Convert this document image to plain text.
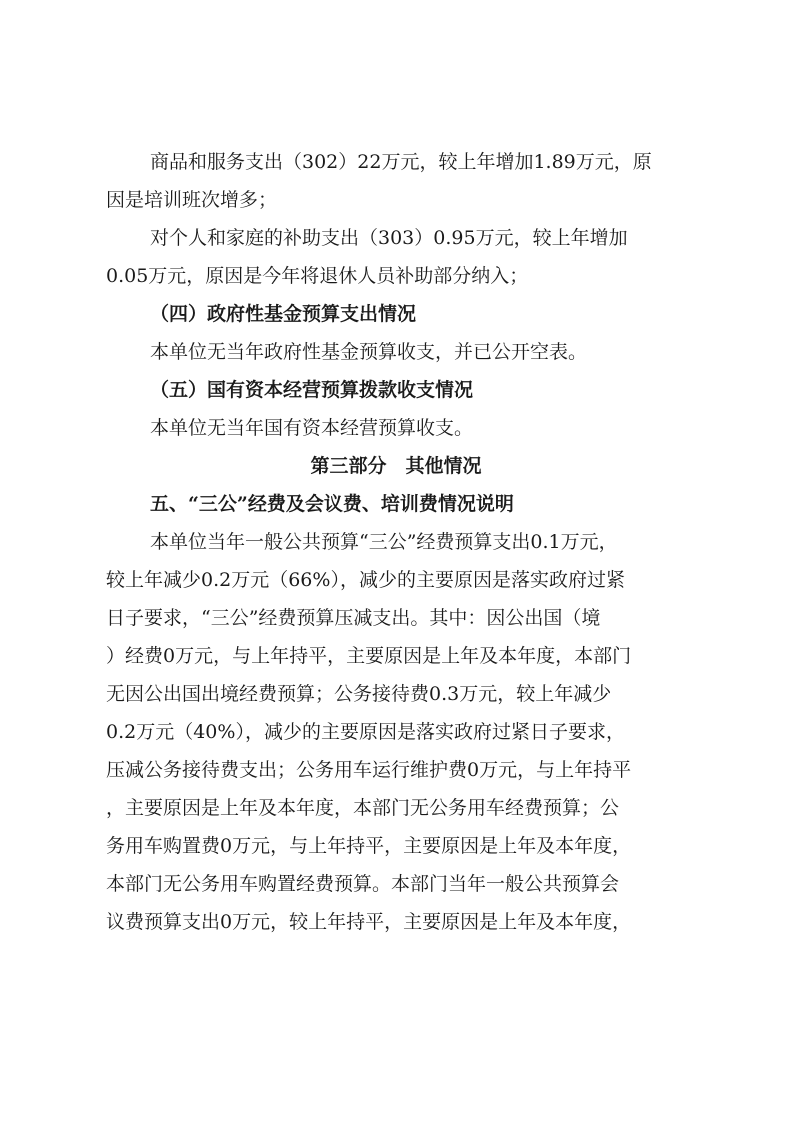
商品和服务支出（302）22万元，较上年增加1.89万元，原
因是培训班次增多；
对个人和家庭的补助支出（303）0.95万元，较上年增加
0.05万元，原因是今年将退休人员补助部分纳入；
（四）政府性基金预算支出情况
本单位无当年政府性基金预算收支，并已公开空表。
（五）国有资本经营预算拨款收支情况
本单位无当年国有资本经营预算收支。
第三部分　其他情况
五、“三公”经费及会议费、培训费情况说明
本单位当年一般公共预算“三公”经费预算支出0.1万元，
较上年减少0.2万元（66%），减少的主要原因是落实政府过紧
日子要求，“三公”经费预算压减支出。其中：因公出国（境
）经费0万元，与上年持平，主要原因是上年及本年度，本部门
无因公出国出境经费预算；公务接待费0.3万元，较上年减少
0.2万元（40%），减少的主要原因是落实政府过紧日子要求，
压减公务接待费支出；公务用车运行维护费0万元，与上年持平
，主要原因是上年及本年度，本部门无公务用车经费预算；公
务用车购置费0万元，与上年持平，主要原因是上年及本年度，
本部门无公务用车购置经费预算。本部门当年一般公共预算会
议费预算支出0万元，较上年持平，主要原因是上年及本年度，
